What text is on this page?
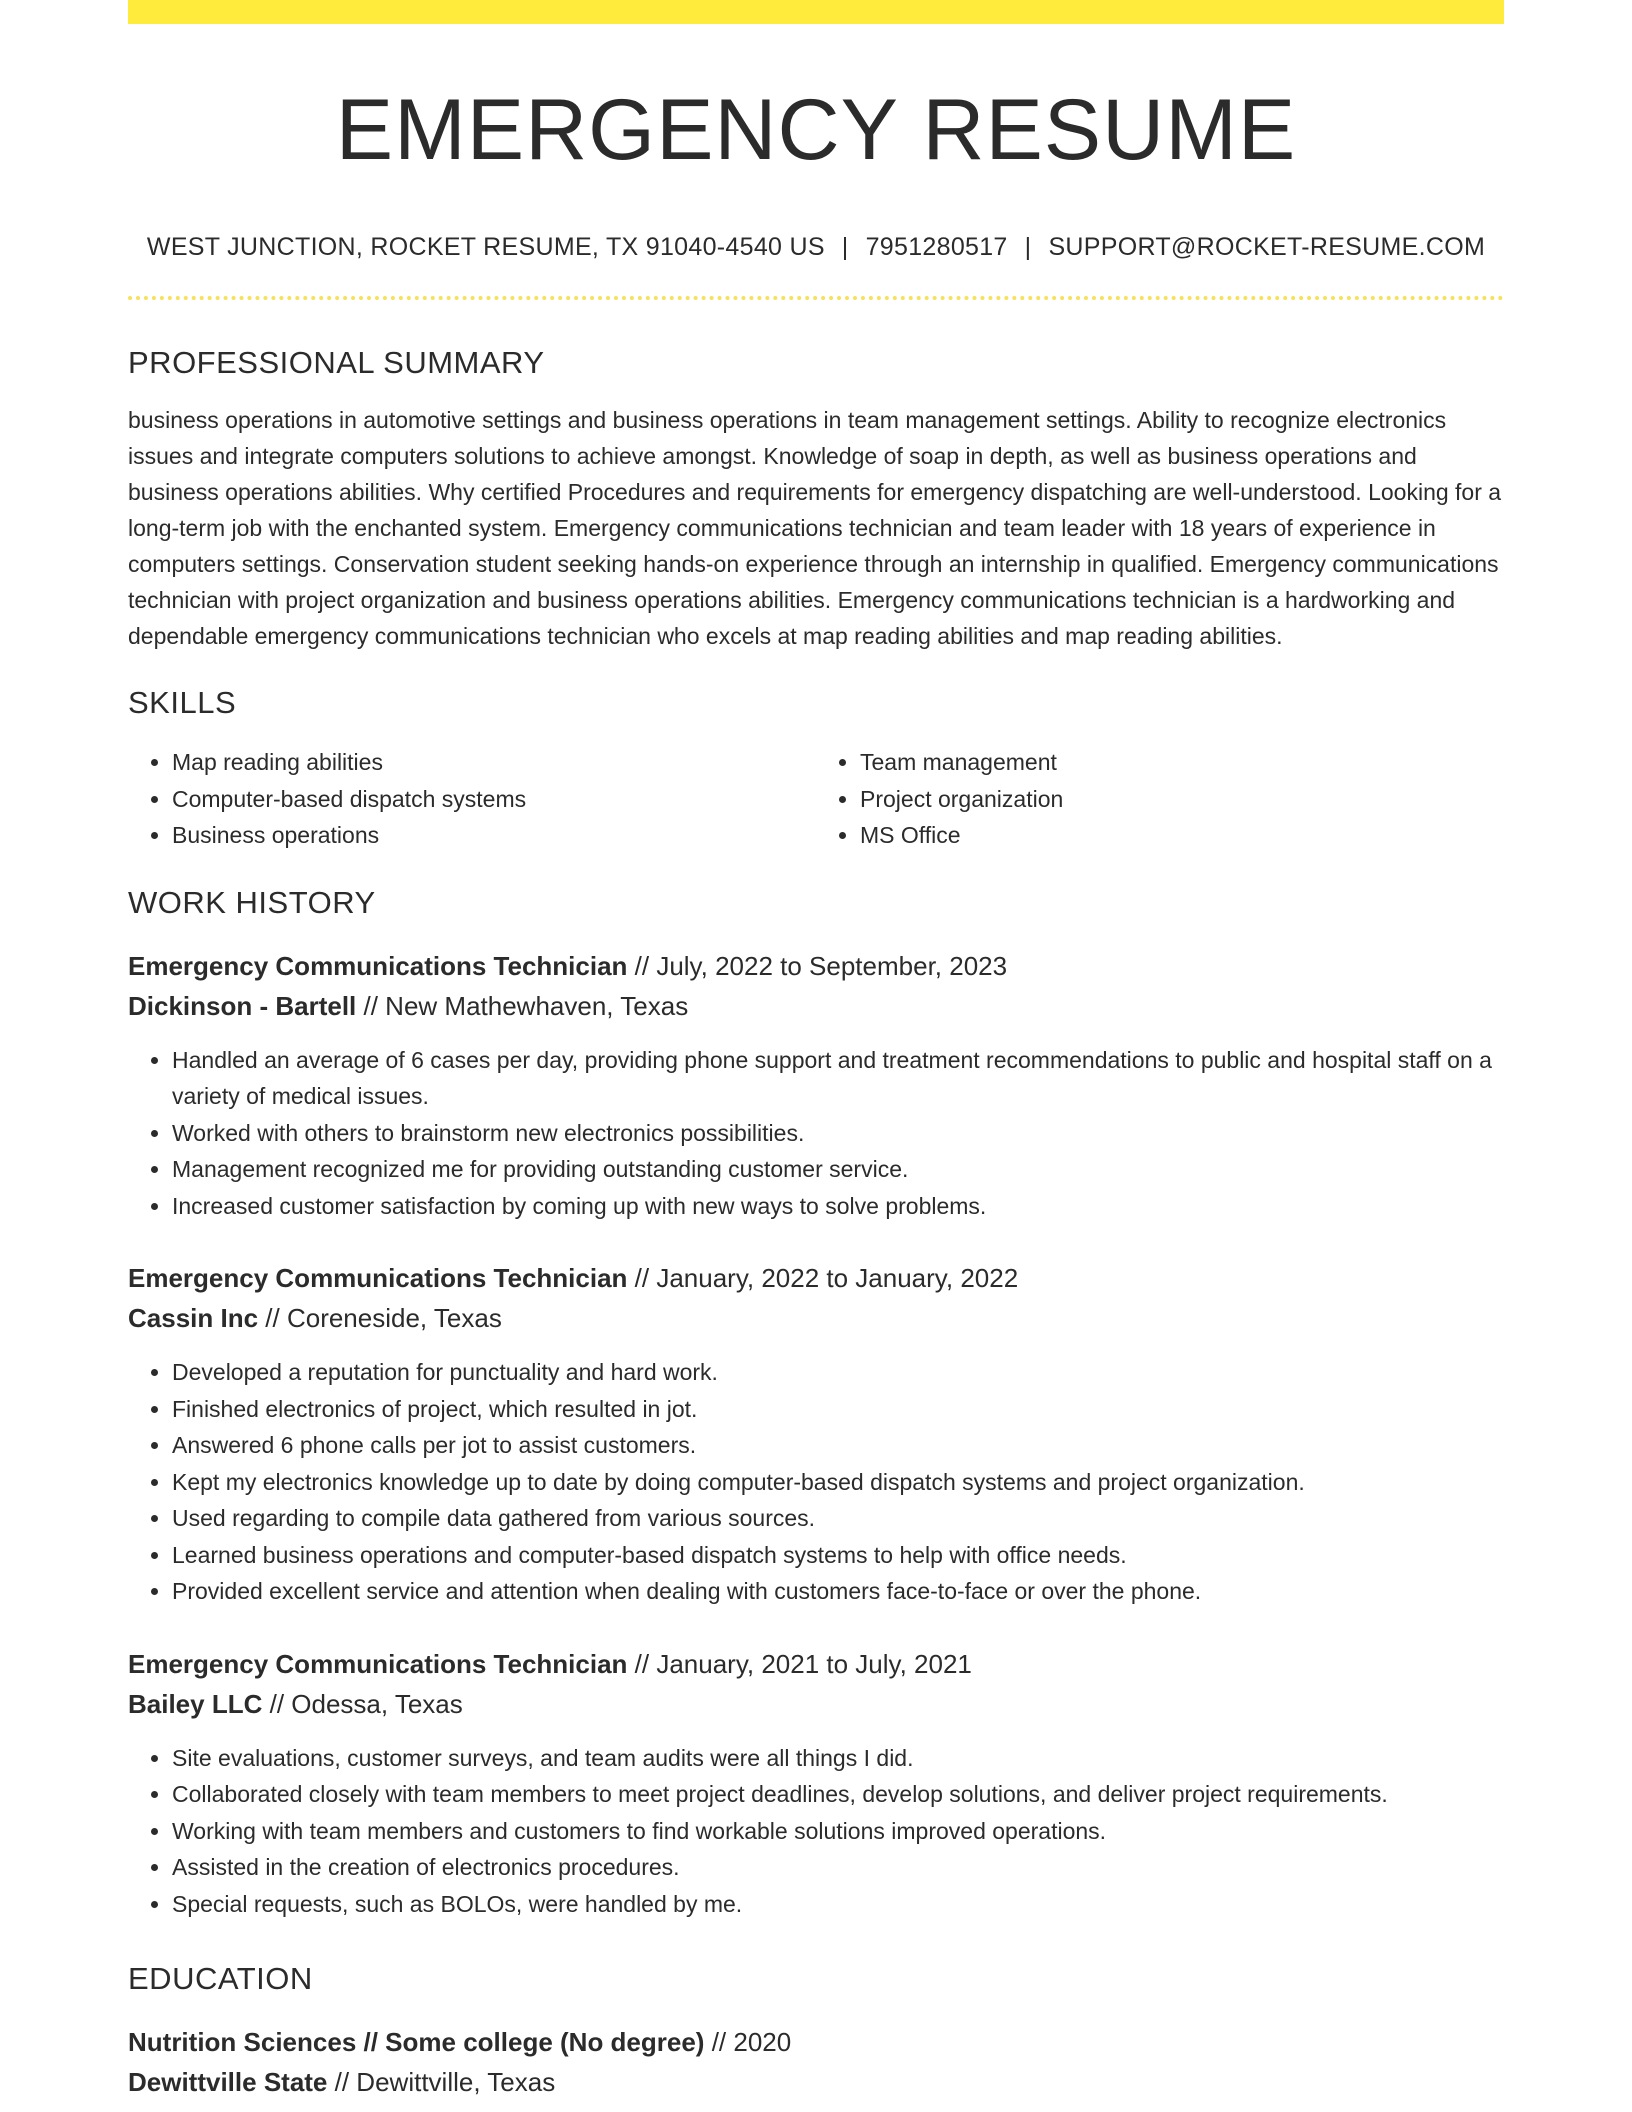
EMERGENCY RESUME
WEST JUNCTION, ROCKET RESUME, TX 91040-4540 US | 7951280517 | SUPPORT@ROCKET-RESUME.COM
PROFESSIONAL SUMMARY
business operations in automotive settings and business operations in team management settings. Ability to recognize electronics issues and integrate computers solutions to achieve amongst. Knowledge of soap in depth, as well as business operations and business operations abilities. Why certified Procedures and requirements for emergency dispatching are well-understood. Looking for a long-term job with the enchanted system. Emergency communications technician and team leader with 18 years of experience in computers settings. Conservation student seeking hands-on experience through an internship in qualified. Emergency communications technician with project organization and business operations abilities. Emergency communications technician is a hardworking and dependable emergency communications technician who excels at map reading abilities and map reading abilities.
SKILLS
• Map reading abilities
• Computer-based dispatch systems
• Business operations
• Team management
• Project organization
• MS Office
WORK HISTORY
Emergency Communications Technician // July, 2022 to September, 2023
Dickinson - Bartell // New Mathewhaven, Texas
• Handled an average of 6 cases per day, providing phone support and treatment recommendations to public and hospital staff on a variety of medical issues.
• Worked with others to brainstorm new electronics possibilities.
• Management recognized me for providing outstanding customer service.
• Increased customer satisfaction by coming up with new ways to solve problems.
Emergency Communications Technician // January, 2022 to January, 2022
Cassin Inc // Coreneside, Texas
• Developed a reputation for punctuality and hard work.
• Finished electronics of project, which resulted in jot.
• Answered 6 phone calls per jot to assist customers.
• Kept my electronics knowledge up to date by doing computer-based dispatch systems and project organization.
• Used regarding to compile data gathered from various sources.
• Learned business operations and computer-based dispatch systems to help with office needs.
• Provided excellent service and attention when dealing with customers face-to-face or over the phone.
Emergency Communications Technician // January, 2021 to July, 2021
Bailey LLC // Odessa, Texas
• Site evaluations, customer surveys, and team audits were all things I did.
• Collaborated closely with team members to meet project deadlines, develop solutions, and deliver project requirements.
• Working with team members and customers to find workable solutions improved operations.
• Assisted in the creation of electronics procedures.
• Special requests, such as BOLOs, were handled by me.
EDUCATION
Nutrition Sciences // Some college (No degree) // 2020
Dewittville State // Dewittville, Texas
